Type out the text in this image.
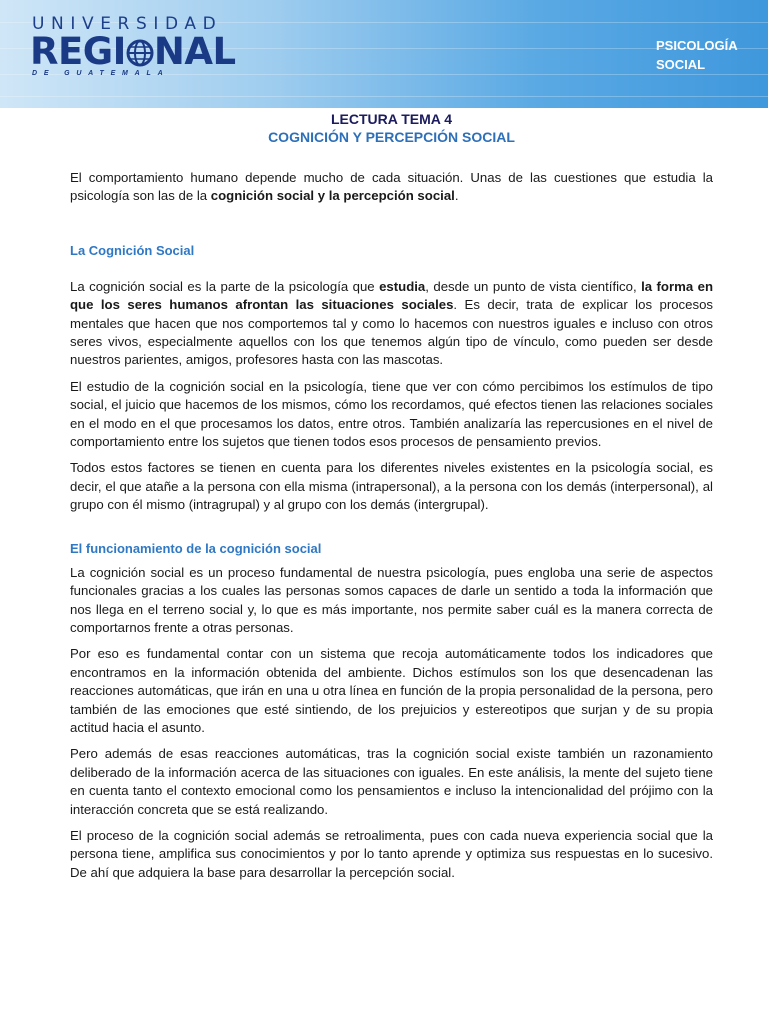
UNIVERSIDAD
REGI NAL
DE GUATEMALA
PSICOLOGÍA
SOCIAL
LECTURA TEMA 4
COGNICIÓN Y PERCEPCIÓN SOCIAL

El comportamiento humano depende mucho de cada situación. Unas de las cuestiones que estudia la psicología son las de la cognición social y la percepción social.

La Cognición Social

La cognición social es la parte de la psicología que estudia, desde un punto de vista científico, la forma en que los seres humanos afrontan las situaciones sociales. Es decir, trata de explicar los procesos mentales que hacen que nos comportemos tal y como lo hacemos con nuestros iguales e incluso con otros seres vivos, especialmente aquellos con los que tenemos algún tipo de vínculo, como pueden ser desde nuestros parientes, amigos, profesores hasta con las mascotas.

El estudio de la cognición social en la psicología, tiene que ver con cómo percibimos los estímulos de tipo social, el juicio que hacemos de los mismos, cómo los recordamos, qué efectos tienen las relaciones sociales en el modo en el que procesamos los datos, entre otros. También analizaría las repercusiones en el nivel de comportamiento entre los sujetos que tienen todos esos procesos de pensamiento previos.

Todos estos factores se tienen en cuenta para los diferentes niveles existentes en la psicología social, es decir, el que atañe a la persona con ella misma (intrapersonal), a la persona con los demás (interpersonal), al grupo con él mismo (intragrupal) y al grupo con los demás (intergrupal).

El funcionamiento de la cognición social

La cognición social es un proceso fundamental de nuestra psicología, pues engloba una serie de aspectos funcionales gracias a los cuales las personas somos capaces de darle un sentido a toda la información que nos llega en el terreno social y, lo que es más importante, nos permite saber cuál es la manera correcta de comportarnos frente a otras personas.

Por eso es fundamental contar con un sistema que recoja automáticamente todos los indicadores que encontramos en la información obtenida del ambiente. Dichos estímulos son los que desencadenan las reacciones automáticas, que irán en una u otra línea en función de la propia personalidad de la persona, pero también de las emociones que esté sintiendo, de los prejuicios y estereotipos que surjan y de su propia actitud hacia el asunto.

Pero además de esas reacciones automáticas, tras la cognición social existe también un razonamiento deliberado de la información acerca de las situaciones con iguales. En este análisis, la mente del sujeto tiene en cuenta tanto el contexto emocional como los pensamientos e incluso la intencionalidad del prójimo con la interacción concreta que se está realizando.

El proceso de la cognición social además se retroalimenta, pues con cada nueva experiencia social que la persona tiene, amplifica sus conocimientos y por lo tanto aprende y optimiza sus respuestas en lo sucesivo. De ahí que adquiera la base para desarrollar la percepción social.
